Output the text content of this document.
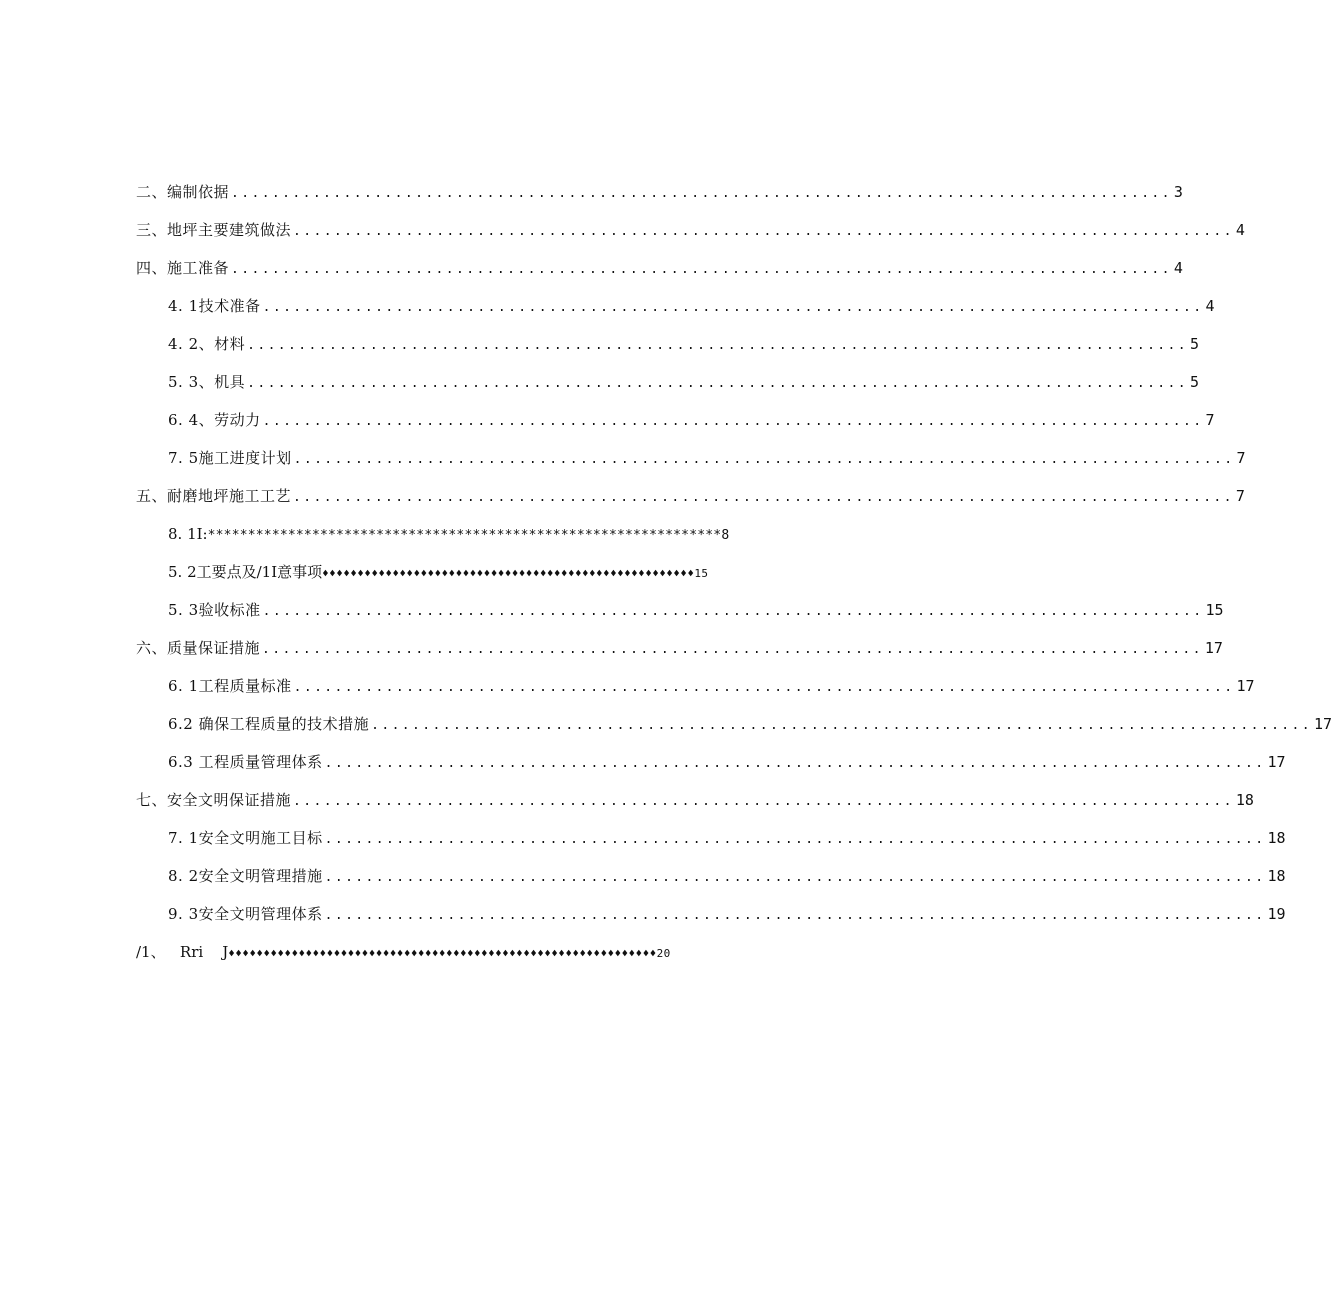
二、编制依据 ............................................................................................ 3
三、地坪主要建筑做法 ............................................................................................ 4
四、施工准备 ............................................................................................ 4
4. 1技术准备 ............................................................................................ 4
4. 2、材料 ............................................................................................ 5
5. 3、机具 ............................................................................................ 5
6. 4、劳动力 ............................................................................................ 7
7. 5施工进度计划 ............................................................................................ 7
五、耐磨地坪施工工艺 ............................................................................................ 7
8. 1I: ****************************************************************8
5. 2工要点及/1I意事项 ♦♦♦♦♦♦♦♦♦♦♦♦♦♦♦♦♦♦♦♦♦♦♦♦♦♦♦♦♦♦♦♦♦♦♦♦♦♦♦♦♦♦♦♦♦♦♦♦♦♦♦♦♦15
5. 3验收标准 ............................................................................................ 15
六、质量保证措施 ............................................................................................ 17
6. 1工程质量标准 ............................................................................................ 17
6.2 确保工程质量的技术措施 ............................................................................................ 17
6.3 工程质量管理体系 ............................................................................................ 17
七、安全文明保证措施 ............................................................................................ 18
7. 1安全文明施工目标 ............................................................................................ 18
8. 2安全文明管理措施 ............................................................................................ 18
9. 3安全文明管理体系 ............................................................................................ 19
/1、   Rri    J ♦♦♦♦♦♦♦♦♦♦♦♦♦♦♦♦♦♦♦♦♦♦♦♦♦♦♦♦♦♦♦♦♦♦♦♦♦♦♦♦♦♦♦♦♦♦♦♦♦♦♦♦♦♦♦♦♦♦♦♦♦20
